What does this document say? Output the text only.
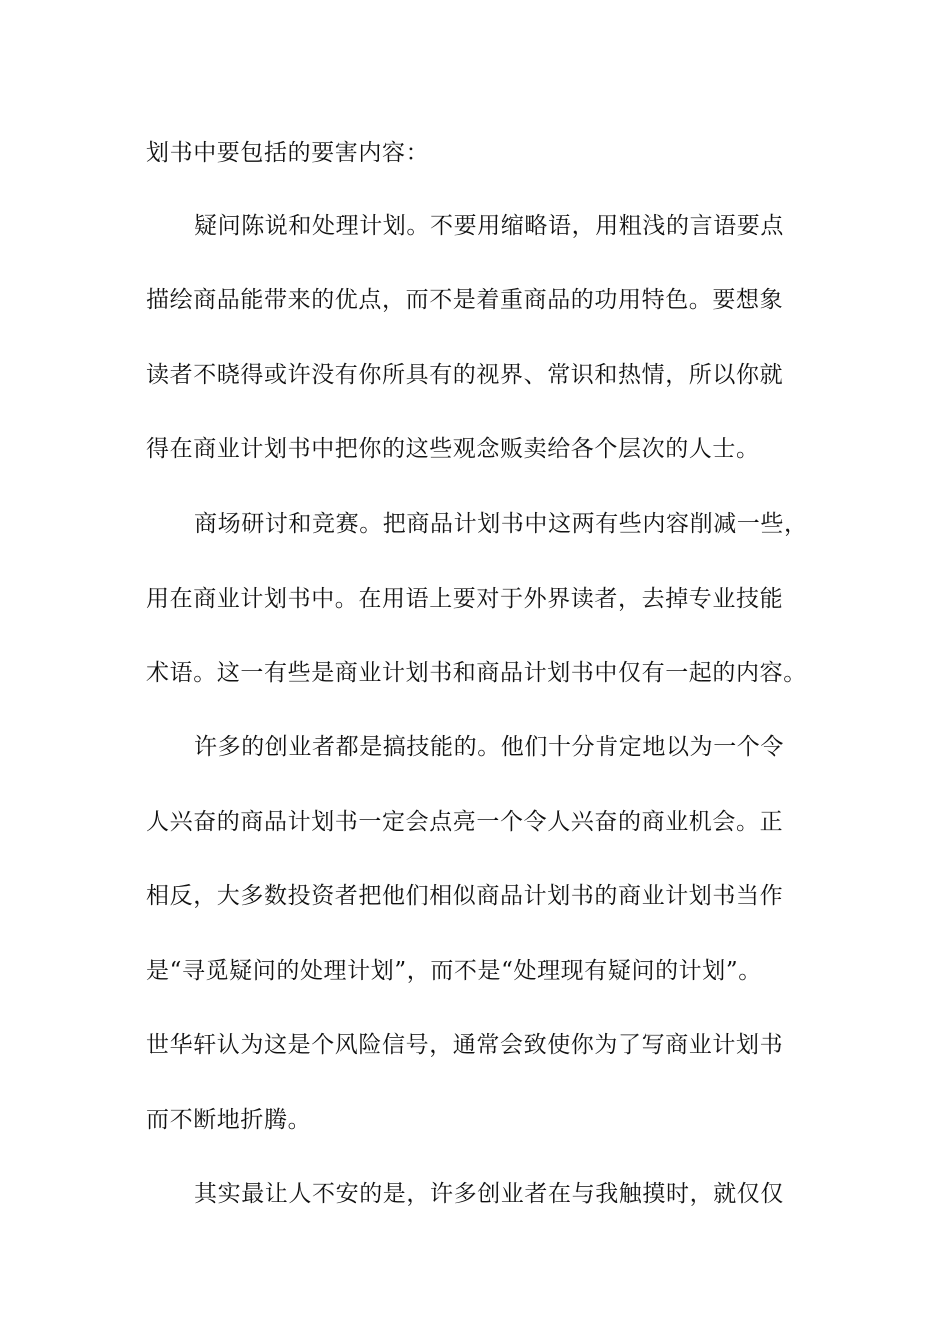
划书中要包括的要害内容：
疑问陈说和处理计划。不要用缩略语，用粗浅的言语要点
描绘商品能带来的优点，而不是着重商品的功用特色。要想象
读者不晓得或许没有你所具有的视界、常识和热情，所以你就
得在商业计划书中把你的这些观念贩卖给各个层次的人士。
商场研讨和竞赛。把商品计划书中这两有些内容削减一些，
用在商业计划书中。在用语上要对于外界读者，去掉专业技能
术语。这一有些是商业计划书和商品计划书中仅有一起的内容。
许多的创业者都是搞技能的。他们十分肯定地以为一个令
人兴奋的商品计划书一定会点亮一个令人兴奋的商业机会。正
相反，大多数投资者把他们相似商品计划书的商业计划书当作
是“寻觅疑问的处理计划”，而不是“处理现有疑问的计划”。
世华轩认为这是个风险信号，通常会致使你为了写商业计划书
而不断地折腾。
其实最让人不安的是，许多创业者在与我触摸时，就仅仅
